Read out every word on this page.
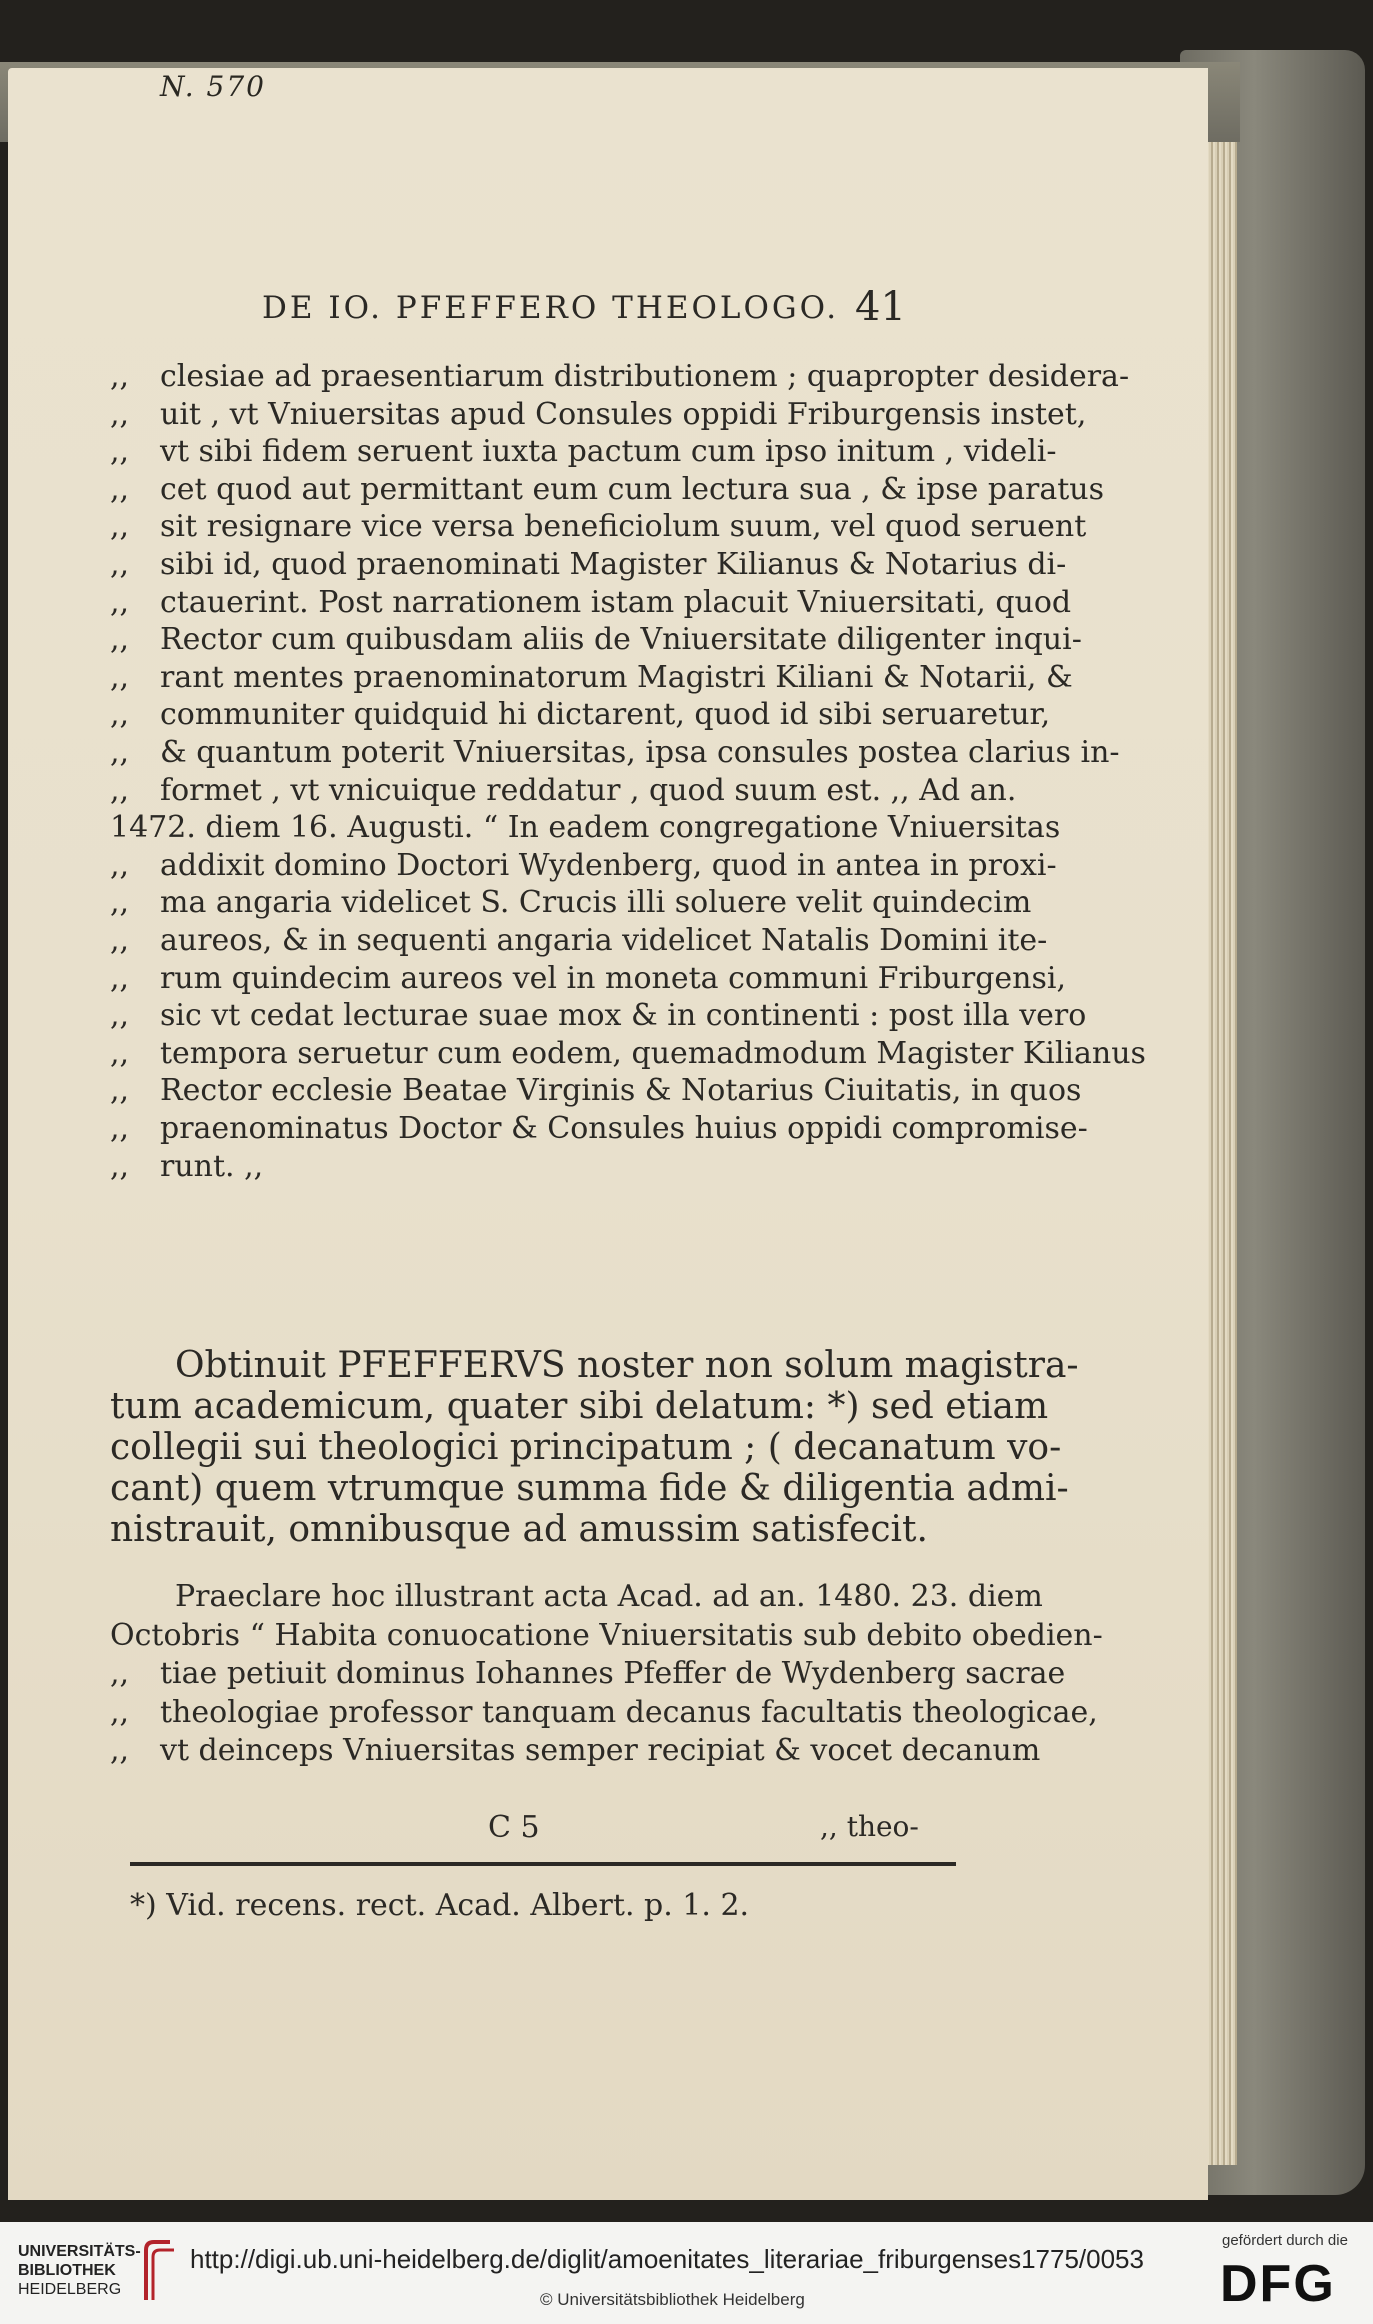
N. 570
DE IO. PFEFFERO THEOLOGO. 41
,, clesiae ad praesentiarum distributionem ; quapropter desidera-
,, uit , vt Vniuersitas apud Consules oppidi Friburgensis instet,
,, vt sibi fidem seruent iuxta pactum cum ipso initum , videli-
,, cet quod aut permittant eum cum lectura sua , & ipse paratus
,, sit resignare vice versa beneficiolum suum, vel quod seruent
,, sibi id, quod praenominati Magister Kilianus & Notarius di-
,, ctauerint. Post narrationem istam placuit Vniuersitati, quod
,, Rector cum quibusdam aliis de Vniuersitate diligenter inqui-
,, rant mentes praenominatorum Magistri Kiliani & Notarii, &
,, communiter quidquid hi dictarent, quod id sibi seruaretur,
,, & quantum poterit Vniuersitas, ipsa consules postea clarius in-
,, formet , vt vnicuique reddatur , quod suum est. ,, Ad an.
1472. diem 16. Augusti. “ In eadem congregatione Vniuersitas
,, addixit domino Doctori Wydenberg, quod in antea in proxi-
,, ma angaria videlicet S. Crucis illi soluere velit quindecim
,, aureos, & in sequenti angaria videlicet Natalis Domini ite-
,, rum quindecim aureos vel in moneta communi Friburgensi,
,, sic vt cedat lecturae suae mox & in continenti : post illa vero
,, tempora seruetur cum eodem, quemadmodum Magister Kilianus
,, Rector ecclesie Beatae Virginis & Notarius Ciuitatis, in quos
,, praenominatus Doctor & Consules huius oppidi compromise-
,, runt. ,,
Obtinuit PFEFFERVS noster non solum magistra-
tum academicum, quater sibi delatum: *) sed etiam
collegii sui theologici principatum ; ( decanatum vo-
cant) quem vtrumque summa fide & diligentia admi-
nistrauit, omnibusque ad amussim satisfecit.
Praeclare hoc illustrant acta Acad. ad an. 1480. 23. diem
Octobris “ Habita conuocatione Vniuersitatis sub debito obedien-
,, tiae petiuit dominus Iohannes Pfeffer de Wydenberg sacrae
,, theologiae professor tanquam decanus facultatis theologicae,
,, vt deinceps Vniuersitas semper recipiat & vocet decanum
C 5	,, theo-
*) Vid. recens. rect. Acad. Albert. p. 1. 2.
UNIVERSITÄTS-
BIBLIOTHEK
HEIDELBERG
http://digi.ub.uni-heidelberg.de/diglit/amoenitates_literariae_friburgenses1775/0053
© Universitätsbibliothek Heidelberg
gefördert durch die
DFG
